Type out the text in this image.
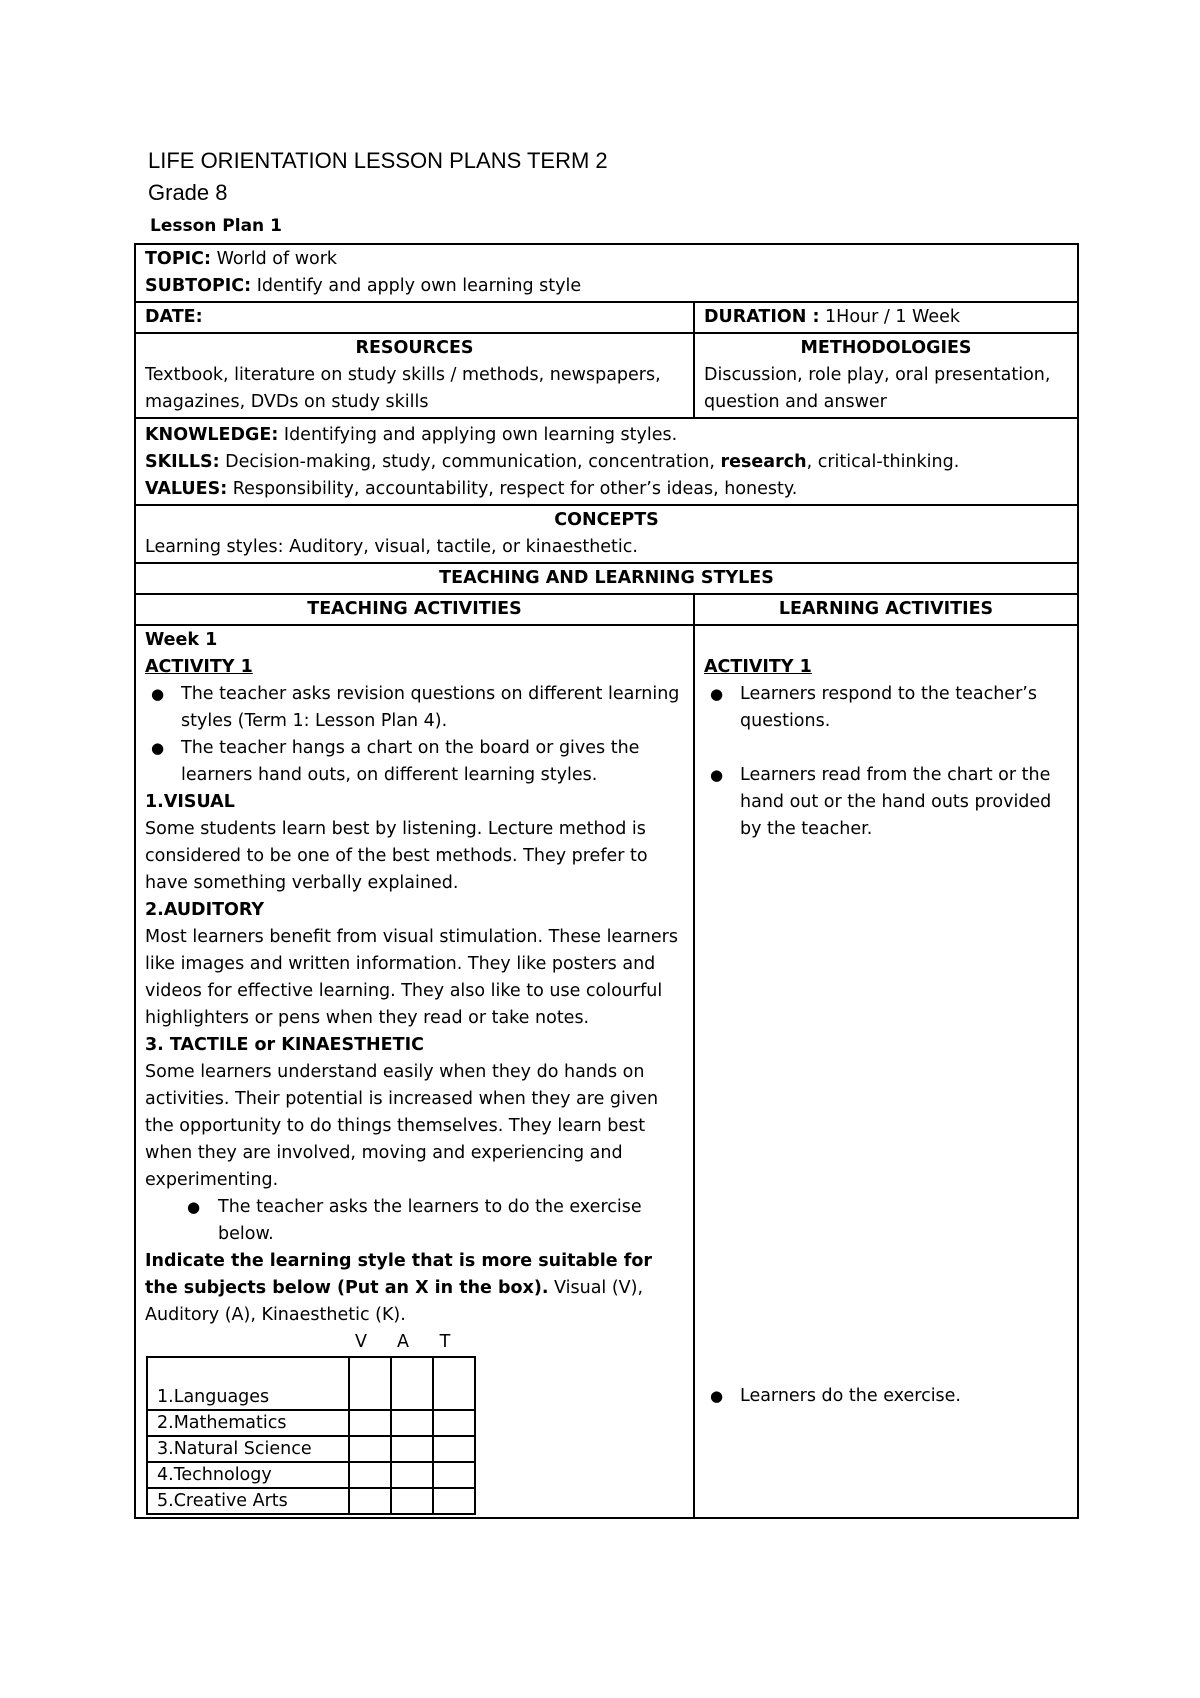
LIFE ORIENTATION LESSON PLANS TERM 2
Grade 8
Lesson Plan 1
TOPIC: World of work
SUBTOPIC: Identify and apply own learning style

DATE:	DURATION : 1Hour / 1 Week

RESOURCES
Textbook, literature on study skills / methods, newspapers, magazines, DVDs on study skills

METHODOLOGIES
Discussion, role play, oral presentation, question and answer

KNOWLEDGE: Identifying and applying own learning styles.
SKILLS: Decision-making, study, communication, concentration, research, critical-thinking.
VALUES: Responsibility, accountability, respect for other’s ideas, honesty.

CONCEPTS
Learning styles: Auditory, visual, tactile, or kinaesthetic.

TEACHING AND LEARNING STYLES
TEACHING ACTIVITIES	LEARNING ACTIVITIES

Week 1
ACTIVITY 1
● The teacher asks revision questions on different learning styles (Term 1: Lesson Plan 4).
● The teacher hangs a chart on the board or gives the learners hand outs, on different learning styles.
1.VISUAL
Some students learn best by listening. Lecture method is considered to be one of the best methods. They prefer to have something verbally explained.
2.AUDITORY
Most learners benefit from visual stimulation. These learners like images and written information. They like posters and videos for effective learning. They also like to use colourful highlighters or pens when they read or take notes.
3. TACTILE or KINAESTHETIC
Some learners understand easily when they do hands on activities. Their potential is increased when they are given the opportunity to do things themselves. They learn best when they are involved, moving and experiencing and experimenting.
● The teacher asks the learners to do the exercise below.
Indicate the learning style that is more suitable for the subjects below (Put an X in the box). Visual (V), Auditory (A), Kinaesthetic (K).
V A T
1.Languages			
2.Mathematics			
3.Natural Science			
4.Technology			
5.Creative Arts			

ACTIVITY 1
● Learners respond to the teacher’s questions.
● Learners read from the chart or the hand out or the hand outs provided by the teacher.
● Learners do the exercise.
